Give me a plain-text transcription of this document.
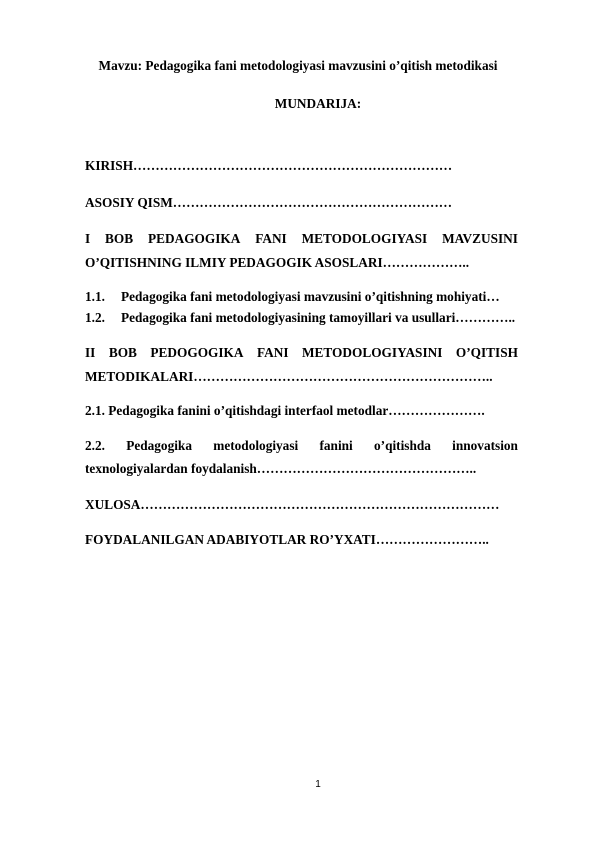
Mavzu: Pedagogika fani metodologiyasi mavzusini o’qitish metodikasi
MUNDARIJA:
KIRISH………………………………………………………………
ASOSIY QISM………………………………………………………
I BOB PEDAGOGIKA FANI METODOLOGIYASI MAVZUSINI
O’QITISHNING ILMIY PEDAGOGIK ASOSLARI………………..
1.1. Pedagogika fani metodologiyasi mavzusini o’qitishning mohiyati…
1.2. Pedagogika fani metodologiyasining tamoyillari va usullari…………..
II BOB PEDOGOGIKA FANI METODOLOGIYASINI O’QITISH
METODIKALARI…………………………………………………………..
2.1. Pedagogika fanini o’qitishdagi interfaol metodlar………………….
2.2. Pedagogika metodologiyasi fanini o’qitishda innovatsion
texnologiyalardan foydalanish…………………………………………..
XULOSA………………………………………………………………………
FOYDALANILGAN ADABIYOTLAR RO’YXATI……………………..
1
